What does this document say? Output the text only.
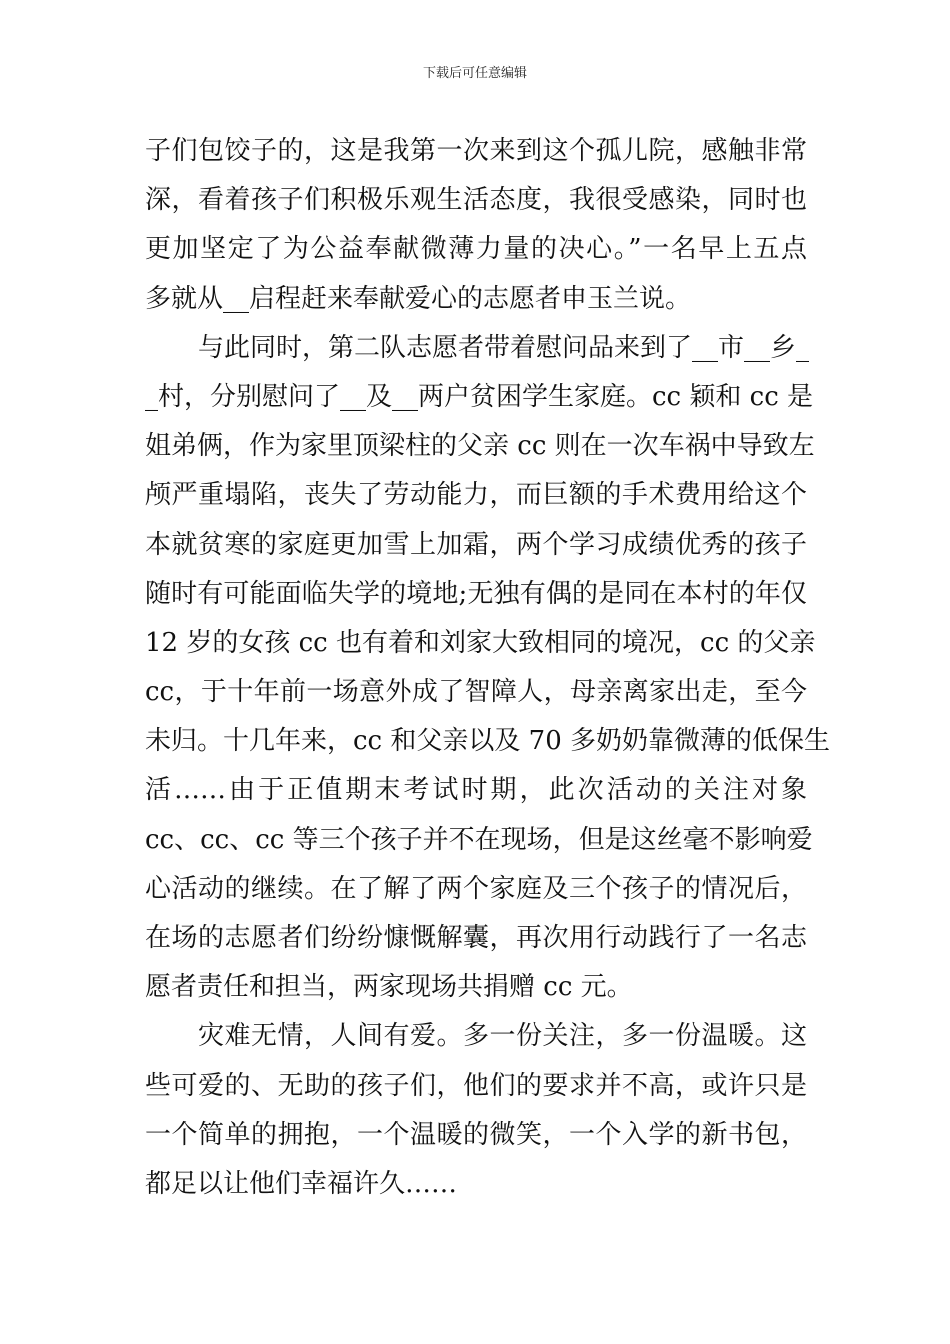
下载后可任意编辑
子们包饺子的，这是我第一次来到这个孤儿院，感触非常
深，看着孩子们积极乐观生活态度，我很受感染，同时也
更加坚定了为公益奉献微薄力量的决心。”一名早上五点
多就从__启程赶来奉献爱心的志愿者申玉兰说。
与此同时，第二队志愿者带着慰问品来到了__市__乡_
_村，分别慰问了__及__两户贫困学生家庭。cc 颖和 cc 是
姐弟俩，作为家里顶梁柱的父亲 cc 则在一次车祸中导致左
颅严重塌陷，丧失了劳动能力，而巨额的手术费用给这个
本就贫寒的家庭更加雪上加霜，两个学习成绩优秀的孩子
随时有可能面临失学的境地;无独有偶的是同在本村的年仅
12 岁的女孩 cc 也有着和刘家大致相同的境况，cc 的父亲
cc，于十年前一场意外成了智障人，母亲离家出走，至今
未归。十几年来，cc 和父亲以及 70 多奶奶靠微薄的低保生
活……由于正值期末考试时期，此次活动的关注对象
cc、cc、cc 等三个孩子并不在现场，但是这丝毫不影响爱
心活动的继续。在了解了两个家庭及三个孩子的情况后，
在场的志愿者们纷纷慷慨解囊，再次用行动践行了一名志
愿者责任和担当，两家现场共捐赠 cc 元。
灾难无情，人间有爱。多一份关注，多一份温暖。这
些可爱的、无助的孩子们，他们的要求并不高，或许只是
一个简单的拥抱，一个温暖的微笑，一个入学的新书包，
都足以让他们幸福许久……
